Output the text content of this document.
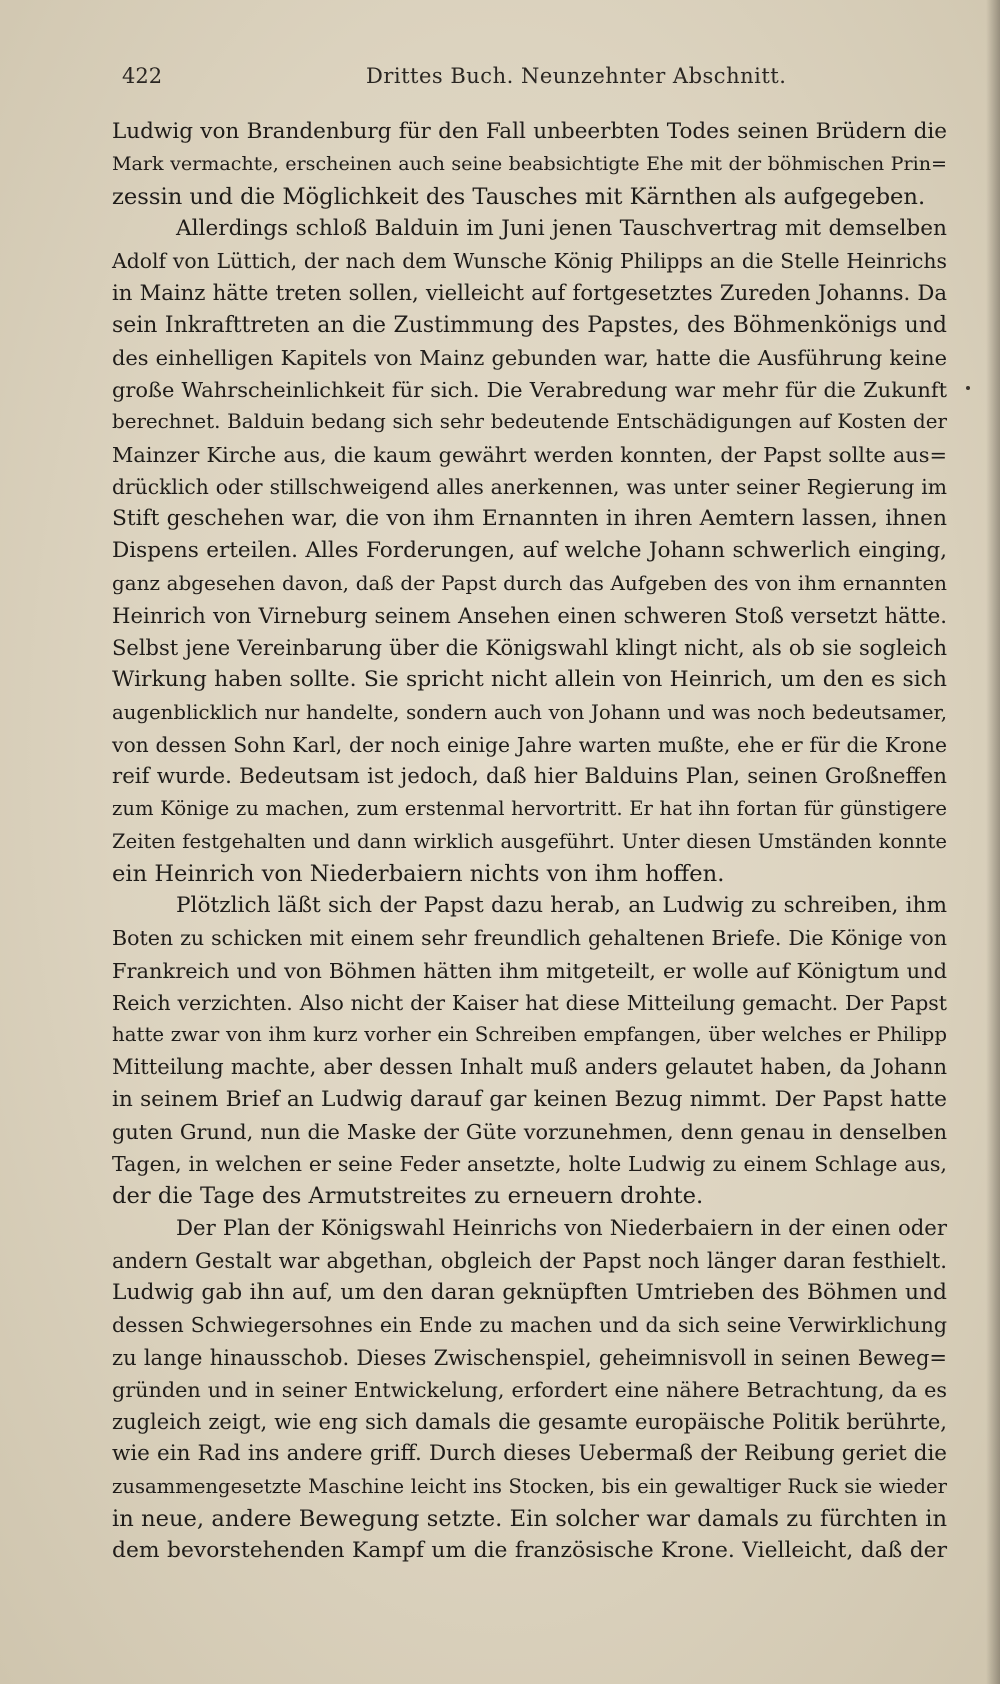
422	Drittes Buch. Neunzehnter Abschnitt.
Ludwig von Brandenburg für den Fall unbeerbten Todes seinen Brüdern die
Mark vermachte, erscheinen auch seine beabsichtigte Ehe mit der böhmischen Prin=
zessin und die Möglichkeit des Tausches mit Kärnthen als aufgegeben.
Allerdings schloß Balduin im Juni jenen Tauschvertrag mit demselben
Adolf von Lüttich, der nach dem Wunsche König Philipps an die Stelle Heinrichs
in Mainz hätte treten sollen, vielleicht auf fortgesetztes Zureden Johanns. Da
sein Inkrafttreten an die Zustimmung des Papstes, des Böhmenkönigs und
des einhelligen Kapitels von Mainz gebunden war, hatte die Ausführung keine
große Wahrscheinlichkeit für sich. Die Verabredung war mehr für die Zukunft
berechnet. Balduin bedang sich sehr bedeutende Entschädigungen auf Kosten der
Mainzer Kirche aus, die kaum gewährt werden konnten, der Papst sollte aus=
drücklich oder stillschweigend alles anerkennen, was unter seiner Regierung im
Stift geschehen war, die von ihm Ernannten in ihren Aemtern lassen, ihnen
Dispens erteilen. Alles Forderungen, auf welche Johann schwerlich einging,
ganz abgesehen davon, daß der Papst durch das Aufgeben des von ihm ernannten
Heinrich von Virneburg seinem Ansehen einen schweren Stoß versetzt hätte.
Selbst jene Vereinbarung über die Königswahl klingt nicht, als ob sie sogleich
Wirkung haben sollte. Sie spricht nicht allein von Heinrich, um den es sich
augenblicklich nur handelte, sondern auch von Johann und was noch bedeutsamer,
von dessen Sohn Karl, der noch einige Jahre warten mußte, ehe er für die Krone
reif wurde. Bedeutsam ist jedoch, daß hier Balduins Plan, seinen Großneffen
zum Könige zu machen, zum erstenmal hervortritt. Er hat ihn fortan für günstigere
Zeiten festgehalten und dann wirklich ausgeführt. Unter diesen Umständen konnte
ein Heinrich von Niederbaiern nichts von ihm hoffen.
Plötzlich läßt sich der Papst dazu herab, an Ludwig zu schreiben, ihm
Boten zu schicken mit einem sehr freundlich gehaltenen Briefe. Die Könige von
Frankreich und von Böhmen hätten ihm mitgeteilt, er wolle auf Königtum und
Reich verzichten. Also nicht der Kaiser hat diese Mitteilung gemacht. Der Papst
hatte zwar von ihm kurz vorher ein Schreiben empfangen, über welches er Philipp
Mitteilung machte, aber dessen Inhalt muß anders gelautet haben, da Johann
in seinem Brief an Ludwig darauf gar keinen Bezug nimmt. Der Papst hatte
guten Grund, nun die Maske der Güte vorzunehmen, denn genau in denselben
Tagen, in welchen er seine Feder ansetzte, holte Ludwig zu einem Schlage aus,
der die Tage des Armutstreites zu erneuern drohte.
Der Plan der Königswahl Heinrichs von Niederbaiern in der einen oder
andern Gestalt war abgethan, obgleich der Papst noch länger daran festhielt.
Ludwig gab ihn auf, um den daran geknüpften Umtrieben des Böhmen und
dessen Schwiegersohnes ein Ende zu machen und da sich seine Verwirklichung
zu lange hinausschob. Dieses Zwischenspiel, geheimnisvoll in seinen Beweg=
gründen und in seiner Entwickelung, erfordert eine nähere Betrachtung, da es
zugleich zeigt, wie eng sich damals die gesamte europäische Politik berührte,
wie ein Rad ins andere griff. Durch dieses Uebermaß der Reibung geriet die
zusammengesetzte Maschine leicht ins Stocken, bis ein gewaltiger Ruck sie wieder
in neue, andere Bewegung setzte. Ein solcher war damals zu fürchten in
dem bevorstehenden Kampf um die französische Krone. Vielleicht, daß der
